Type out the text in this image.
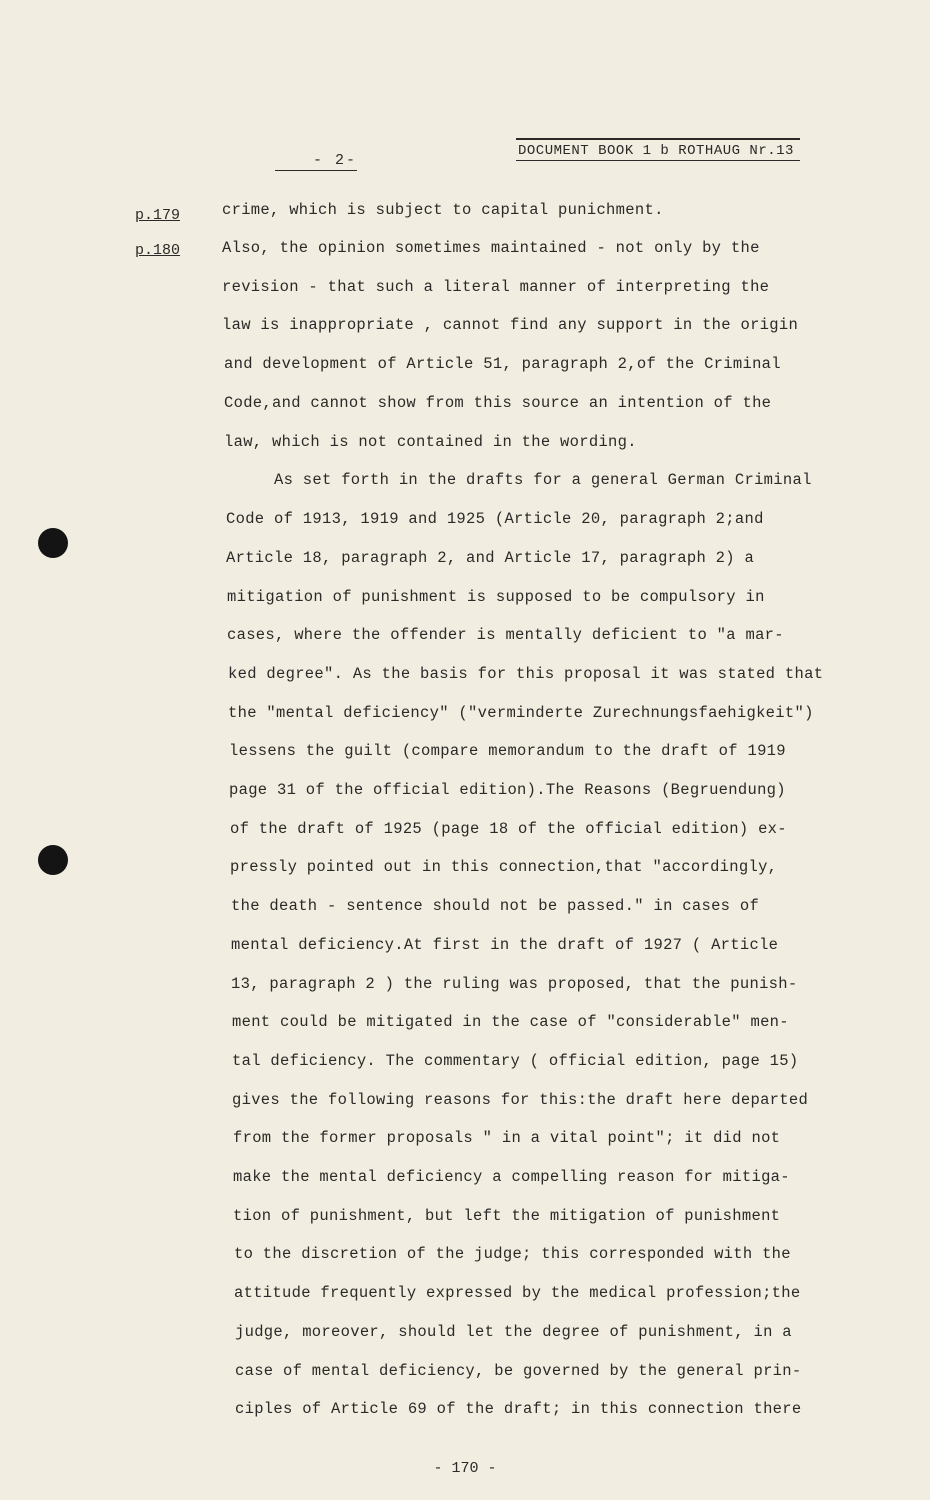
DOCUMENT BOOK 1 b ROTHAUG Nr.13
- 2-
p.179
p.180
crime, which is subject to capital punichment.
Also, the opinion sometimes maintained - not only by the
revision - that such a literal manner of interpreting the
law is inappropriate , cannot find any support in the origin
and development of Article 51, paragraph 2,of the Criminal
Code,and cannot show from this source an intention of the
law, which is not contained in the wording.
As set forth in the drafts for a general German Criminal
Code of 1913, 1919 and 1925 (Article 20, paragraph 2;and
Article 18, paragraph 2, and Article 17, paragraph 2) a
mitigation of punishment is supposed to be compulsory in
cases, where the offender is mentally deficient to "a mar-
ked degree". As the basis for this proposal it was stated that
the "mental deficiency" ("verminderte Zurechnungsfaehigkeit")
lessens the guilt (compare memorandum to the draft of 1919
page 31 of the official edition).The Reasons (Begruendung)
of the draft of 1925 (page 18 of the official edition) ex-
pressly pointed out in this connection,that "accordingly,
the death - sentence should not be passed." in cases of
mental deficiency.At first in the draft of 1927 ( Article
13, paragraph 2 ) the ruling was proposed, that the punish-
ment could be mitigated in the case of "considerable" men-
tal deficiency. The commentary ( official edition, page 15)
gives the following reasons for this:the draft here departed
from the former proposals " in a vital point"; it did not
make the mental deficiency a compelling reason for mitiga-
tion of punishment, but left the mitigation of punishment
to the discretion of the judge; this corresponded with the
attitude frequently expressed by the medical profession;the
judge, moreover, should let the degree of punishment, in a
case of mental deficiency, be governed by the general prin-
ciples of Article 69 of the draft; in this connection there
- 170 -
